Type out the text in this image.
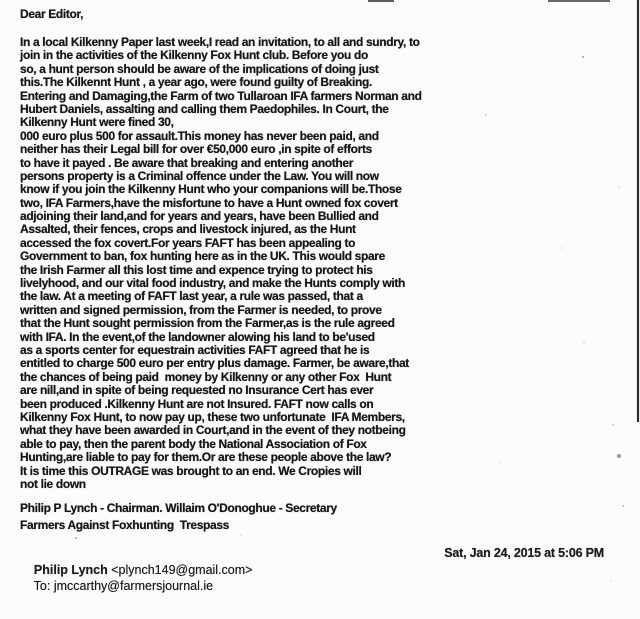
Dear Editor,
In a local Kilkenny Paper last week,I read an invitation, to all and sundry, to
join in the activities of the Kilkenny Fox Hunt club. Before you do
so, a hunt person should be aware of the implications of doing just
this.The Kilkennt Hunt , a year ago, were found guilty of Breaking.
Entering and Damaging,the Farm of two Tullaroan IFA farmers Norman and
Hubert Daniels, assalting and calling them Paedophiles. In Court, the
Kilkenny Hunt were fined 30,
000 euro plus 500 for assault.This money has never been paid, and
neither has their Legal bill for over €50,000 euro ,in spite of efforts
to have it payed . Be aware that breaking and entering another
persons property is a Criminal offence under the Law. You will now
know if you join the Kilkenny Hunt who your companions will be.Those
two, IFA Farmers,have the misfortune to have a Hunt owned fox covert
adjoining their land,and for years and years, have been Bullied and
Assalted, their fences, crops and livestock injured, as the Hunt
accessed the fox covert.For years FAFT has been appealing to
Government to ban, fox hunting here as in the UK. This would spare
the Irish Farmer all this lost time and expence trying to protect his
livelyhood, and our vital food industry, and make the Hunts comply with
the law. At a meeting of FAFT last year, a rule was passed, that a
written and signed permission, from the Farmer is needed, to prove
that the Hunt sought permission from the Farmer,as is the rule agreed
with IFA. In the event,of the landowner alowing his land to be'used
as a sports center for equestrain activities FAFT agreed that he is
entitled to charge 500 euro per entry plus damage. Farmer, be aware,that
the chances of being paid  money by Kilkenny or any other Fox  Hunt
are nill,and in spite of being requested no Insurance Cert has ever
been produced .Kilkenny Hunt are not Insured. FAFT now calls on
Kilkenny Fox Hunt, to now pay up, these two unfortunate  IFA Members,
what they have been awarded in Court,and in the event of they notbeing
able to pay, then the parent body the National Association of Fox
Hunting,are liable to pay for them.Or are these people above the law?
It is time this OUTRAGE was brought to an end. We Cropies will
not lie down
Philip P Lynch - Chairman. Willaim O'Donoghue - Secretary
Farmers Against Foxhunting  Trespass

Philip Lynch <plynch149@gmail.com>

To: jmccarthy@farmersjournal.ie

Sat, Jan 24, 2015 at 5:06 PM
